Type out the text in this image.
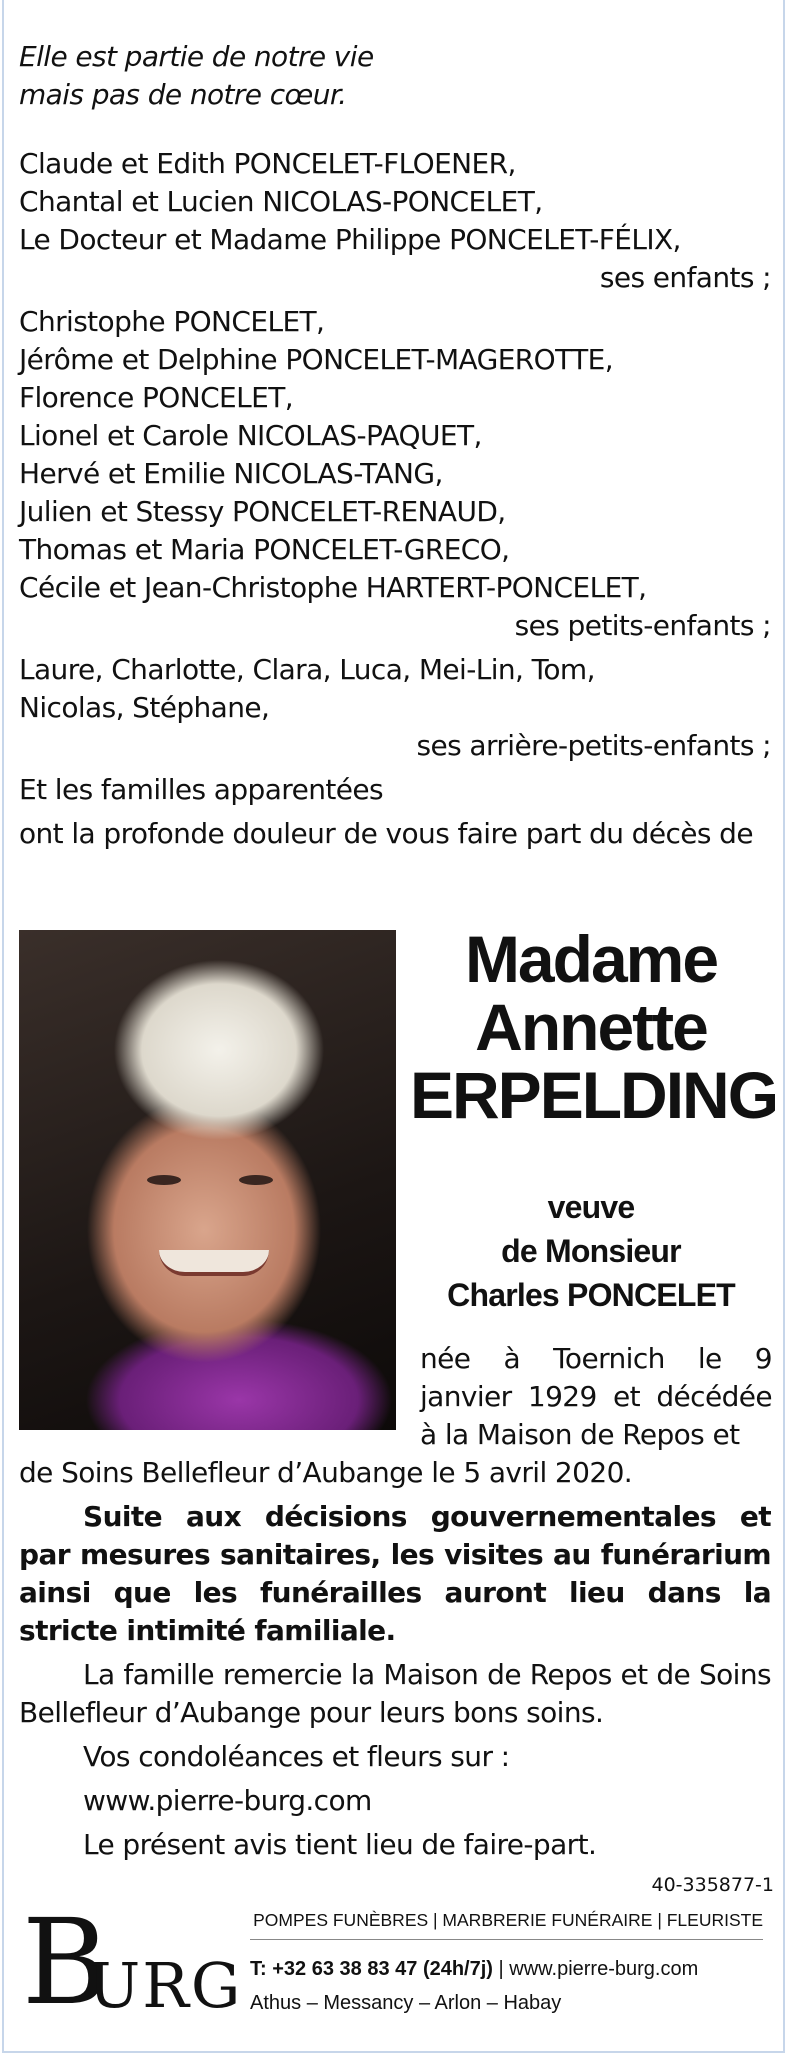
Elle est partie de notre vie
mais pas de notre cœur.
Claude et Edith PONCELET-FLOENER,
Chantal et Lucien NICOLAS-PONCELET,
Le Docteur et Madame Philippe PONCELET-FÉLIX,
ses enfants ;
Christophe PONCELET,
Jérôme et Delphine PONCELET-MAGEROTTE,
Florence PONCELET,
Lionel et Carole NICOLAS-PAQUET,
Hervé et Emilie NICOLAS-TANG,
Julien et Stessy PONCELET-RENAUD,
Thomas et Maria PONCELET-GRECO,
Cécile et Jean-Christophe HARTERT-PONCELET,
ses petits-enfants ;
Laure, Charlotte, Clara, Luca, Mei-Lin, Tom,
Nicolas, Stéphane,
ses arrière-petits-enfants ;
Et les familles apparentées
ont la profonde douleur de vous faire part du décès de
Madame
Annette
ERPELDING
veuve
de Monsieur
Charles PONCELET
née à Toernich le 9 janvier 1929 et décédée à la Maison de Repos et
de Soins Bellefleur d’Aubange le 5 avril 2020.
Suite aux décisions gouvernementales et par mesures sanitaires, les visites au funérarium ainsi que les funérailles auront lieu dans la stricte intimité familiale.
La famille remercie la Maison de Repos et de Soins Bellefleur d’Aubange pour leurs bons soins.
Vos condoléances et fleurs sur :
www.pierre-burg.com
Le présent avis tient lieu de faire-part.
40-335877-1
B
URG
POMPES FUNÈBRES | MARBRERIE FUNÉRAIRE | FLEURISTE
T: +32 63 38 83 47 (24h/7j) | www.pierre-burg.com
Athus – Messancy – Arlon – Habay
